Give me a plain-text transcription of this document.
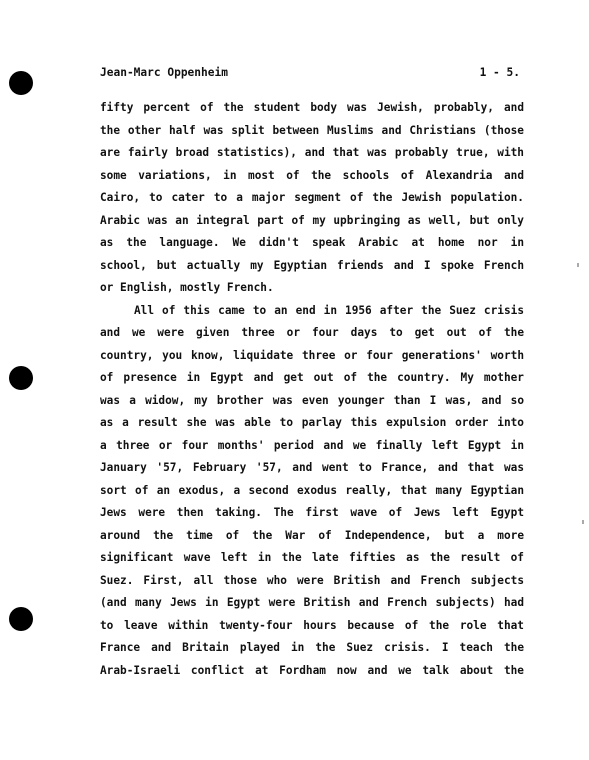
Jean-Marc Oppenheim	1 - 5.
fifty percent of the student body was Jewish, probably, and
the other half was split between Muslims and Christians (those
are fairly broad statistics), and that was probably true, with
some variations, in most of the schools of Alexandria and
Cairo, to cater to a major segment of the Jewish population.
Arabic was an integral part of my upbringing as well, but only
as the language. We didn't speak Arabic at home nor in
school, but actually my Egyptian friends and I spoke French
or English, mostly French.
All of this came to an end in 1956 after the Suez crisis
and we were given three or four days to get out of the
country, you know, liquidate three or four generations' worth
of presence in Egypt and get out of the country. My mother
was a widow, my brother was even younger than I was, and so
as a result she was able to parlay this expulsion order into
a three or four months' period and we finally left Egypt in
January '57, February '57, and went to France, and that was
sort of an exodus, a second exodus really, that many Egyptian
Jews were then taking. The first wave of Jews left Egypt
around the time of the War of Independence, but a more
significant wave left in the late fifties as the result of
Suez. First, all those who were British and French subjects
(and many Jews in Egypt were British and French subjects) had
to leave within twenty-four hours because of the role that
France and Britain played in the Suez crisis. I teach the
Arab-Israeli conflict at Fordham now and we talk about the
